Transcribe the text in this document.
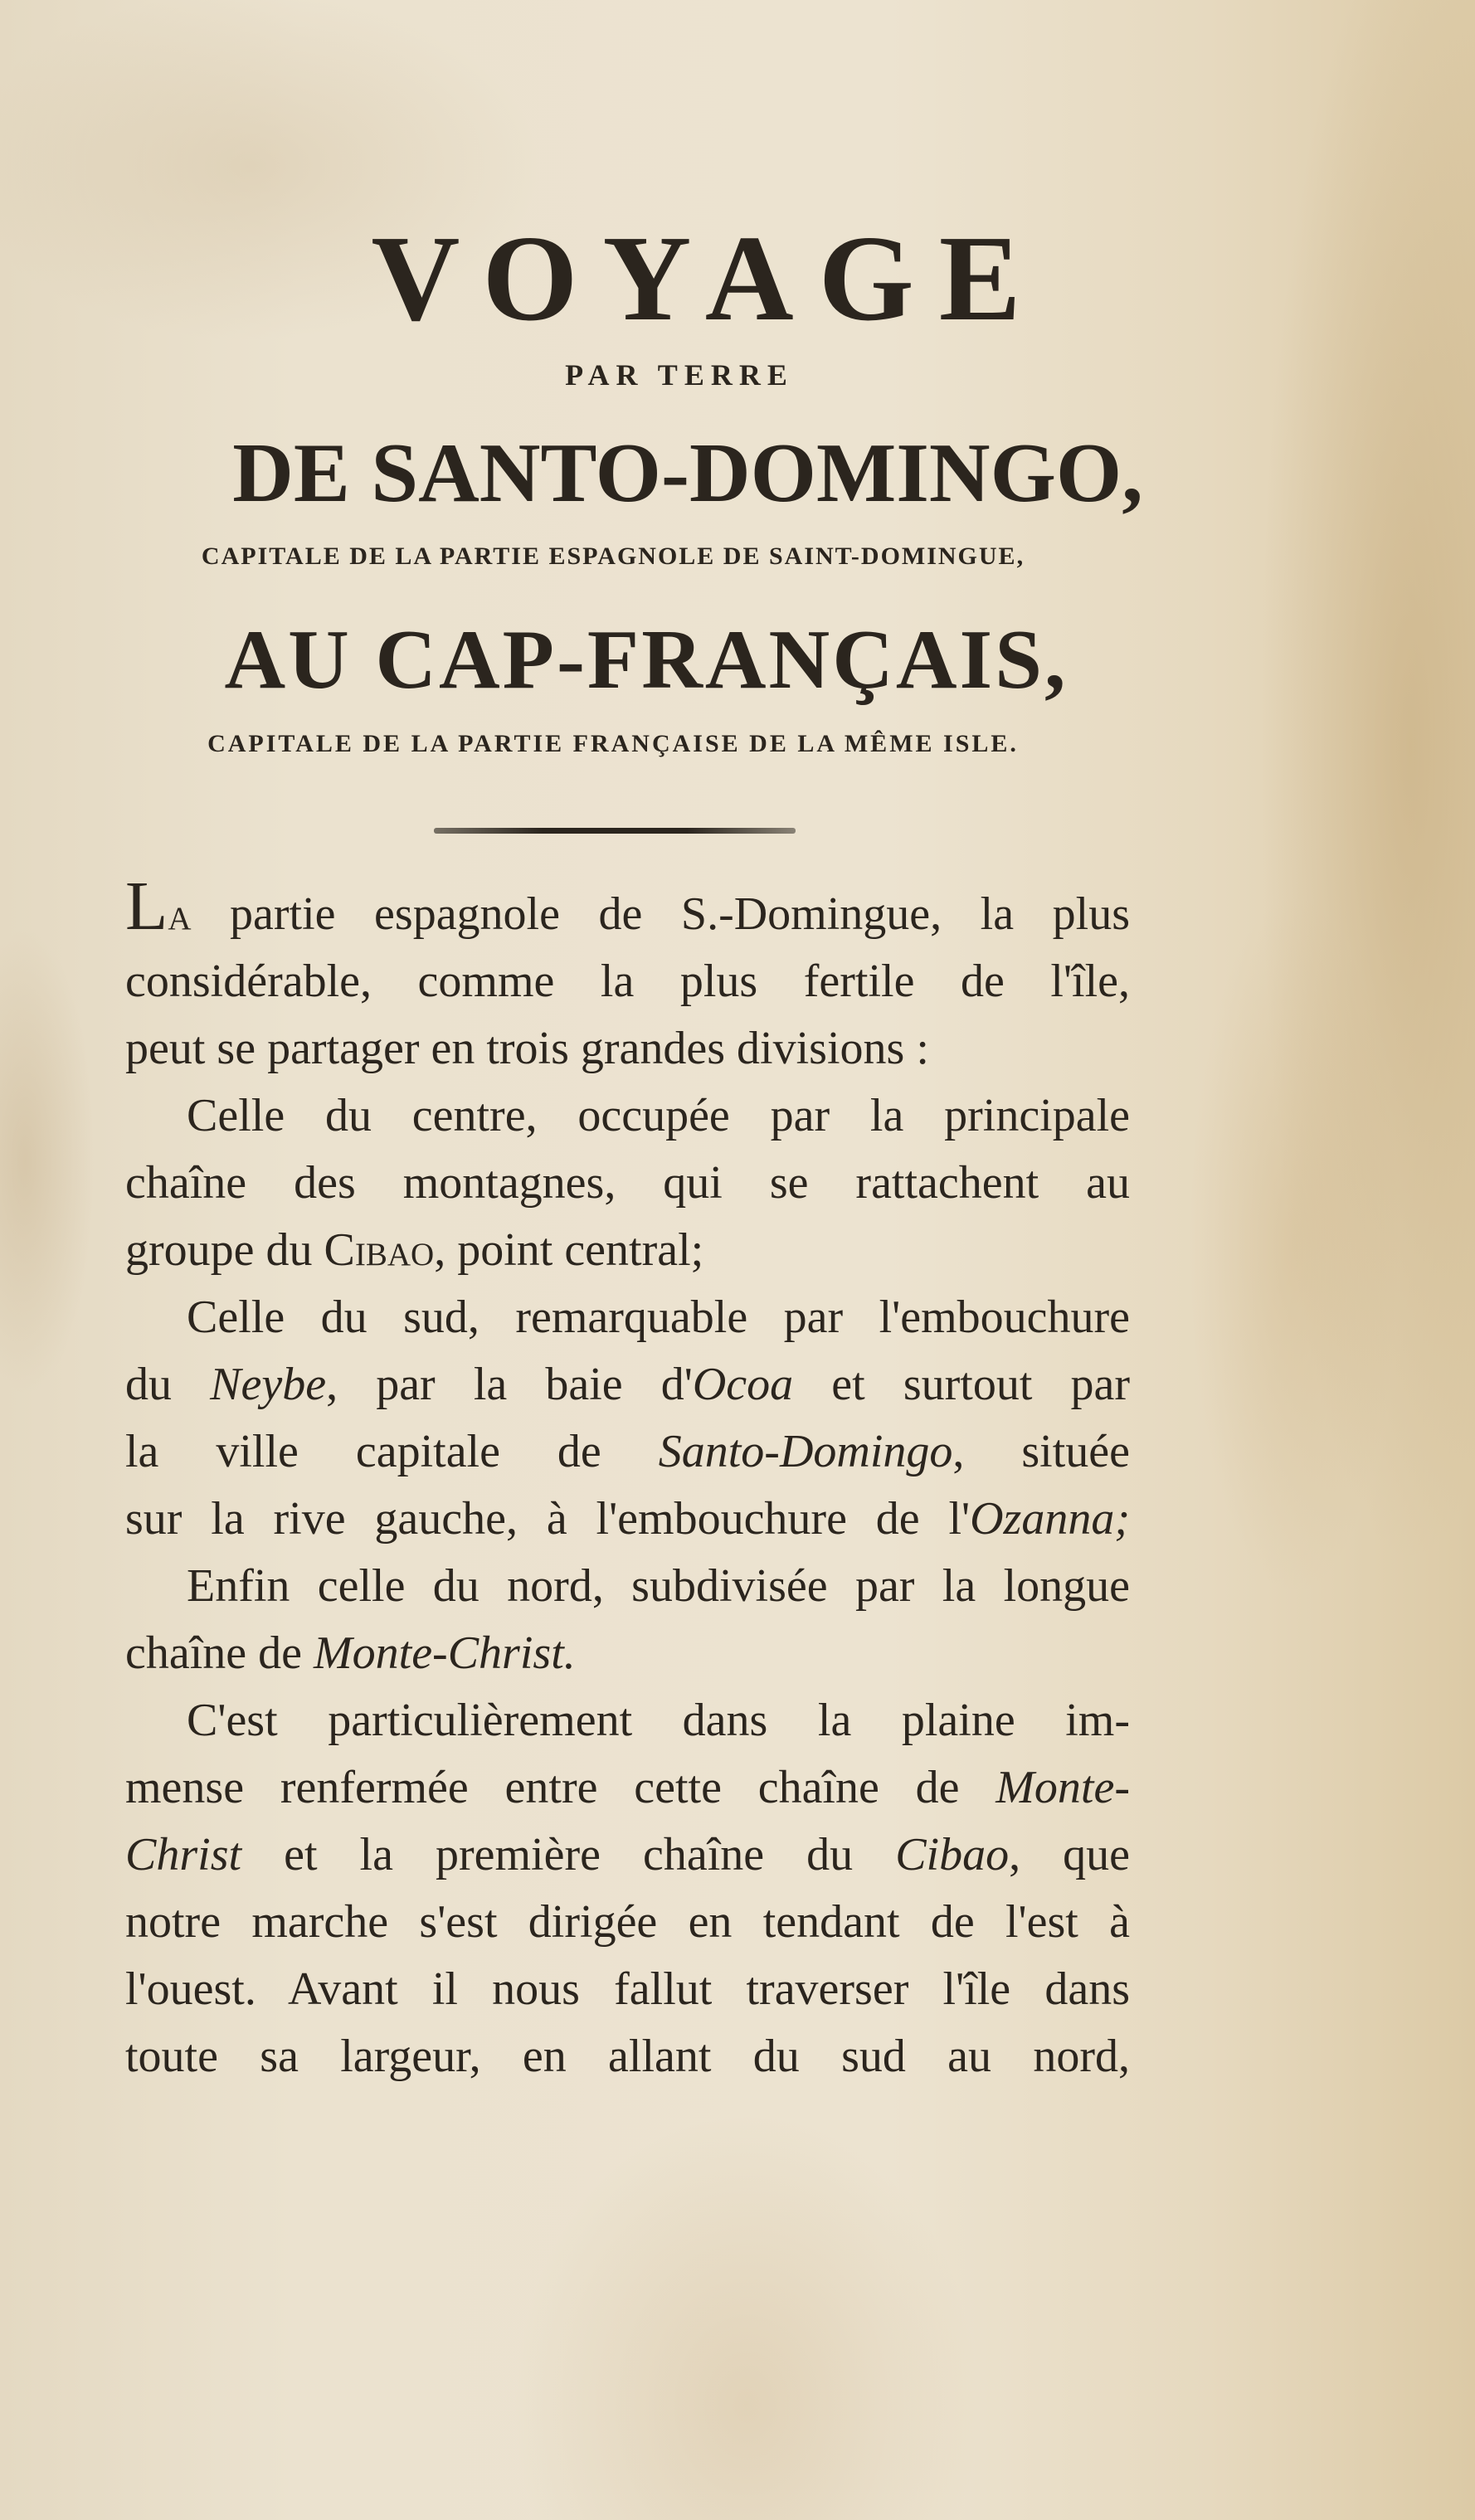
VOYAGE
PAR TERRE
DE SANTO-DOMINGO,
CAPITALE DE LA PARTIE ESPAGNOLE DE SAINT-DOMINGUE,
AU CAP-FRANÇAIS,
CAPITALE DE LA PARTIE FRANÇAISE DE LA MÊME ISLE.
La partie espagnole de S.-Domingue, la plus
considérable, comme la plus fertile de l'île,
peut se partager en trois grandes divisions :
Celle du centre, occupée par la principale
chaîne des montagnes, qui se rattachent au
groupe du Cibao, point central;
Celle du sud, remarquable par l'embouchure
du Neybe, par la baie d'Ocoa et surtout par
la ville capitale de Santo-Domingo, située
sur la rive gauche, à l'embouchure de l'Ozanna;
Enfin celle du nord, subdivisée par la longue
chaîne de Monte-Christ.
C'est particulièrement dans la plaine im-
mense renfermée entre cette chaîne de Monte-
Christ et la première chaîne du Cibao, que
notre marche s'est dirigée en tendant de l'est à
l'ouest. Avant il nous fallut traverser l'île dans
toute sa largeur, en allant du sud au nord,
